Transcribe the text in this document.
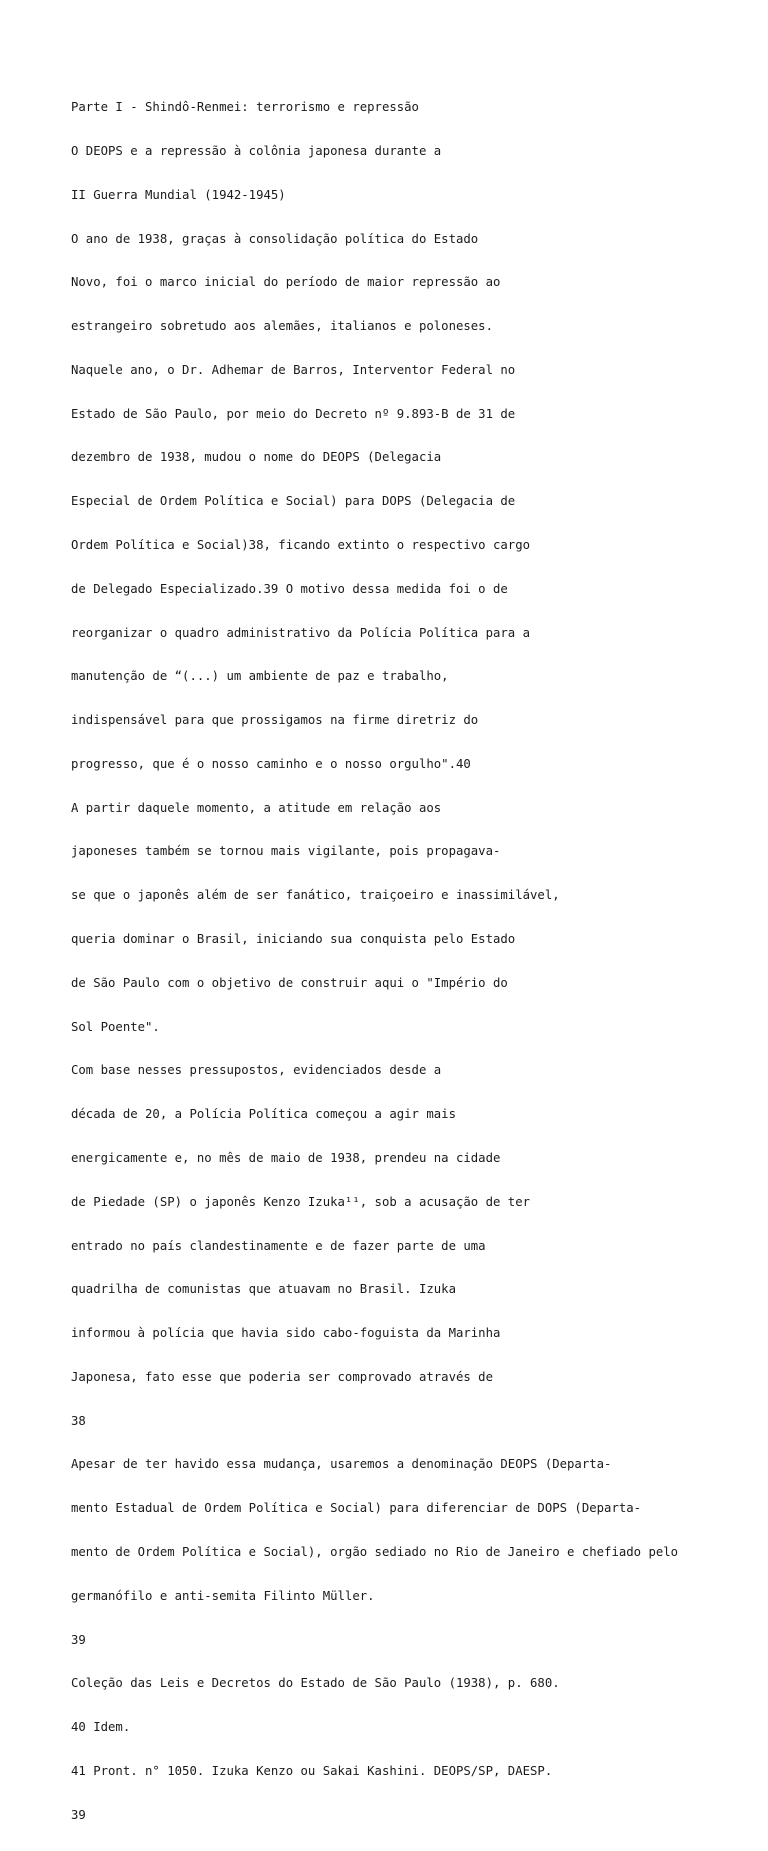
Parte I - Shindô-Renmei: terrorismo e repressão

O DEOPS e a repressão à colônia japonesa durante a

II Guerra Mundial (1942-1945)

O ano de 1938, graças à consolidação política do Estado

Novo, foi o marco inicial do período de maior repressão ao

estrangeiro sobretudo aos alemães, italianos e poloneses.

Naquele ano, o Dr. Adhemar de Barros, Interventor Federal no

Estado de São Paulo, por meio do Decreto nº 9.893-B de 31 de

dezembro de 1938, mudou o nome do DEOPS (Delegacia

Especial de Ordem Política e Social) para DOPS (Delegacia de

Ordem Política e Social)38, ficando extinto o respectivo cargo

de Delegado Especializado.39 O motivo dessa medida foi o de

reorganizar o quadro administrativo da Polícia Política para a

manutenção de “(...) um ambiente de paz e trabalho,

indispensável para que prossigamos na firme diretriz do

progresso, que é o nosso caminho e o nosso orgulho".40

A partir daquele momento, a atitude em relação aos

japoneses também se tornou mais vigilante, pois propagava-

se que o japonês além de ser fanático, traiçoeiro e inassimilável,

queria dominar o Brasil, iniciando sua conquista pelo Estado

de São Paulo com o objetivo de construir aqui o "Império do

Sol Poente".

Com base nesses pressupostos, evidenciados desde a

década de 20, a Polícia Política começou a agir mais

energicamente e, no mês de maio de 1938, prendeu na cidade

de Piedade (SP) o japonês Kenzo Izuka¹¹, sob a acusação de ter

entrado no país clandestinamente e de fazer parte de uma

quadrilha de comunistas que atuavam no Brasil. Izuka

informou à polícia que havia sido cabo-foguista da Marinha

Japonesa, fato esse que poderia ser comprovado através de

38

Apesar de ter havido essa mudança, usaremos a denominação DEOPS (Departa-

mento Estadual de Ordem Política e Social) para diferenciar de DOPS (Departa-

mento de Ordem Política e Social), orgão sediado no Rio de Janeiro e chefiado pelo

germanófilo e anti-semita Filinto Müller.

39

Coleção das Leis e Decretos do Estado de São Paulo (1938), p. 680.

40 Idem.

41 Pront. n° 1050. Izuka Kenzo ou Sakai Kashini. DEOPS/SP, DAESP.

39
